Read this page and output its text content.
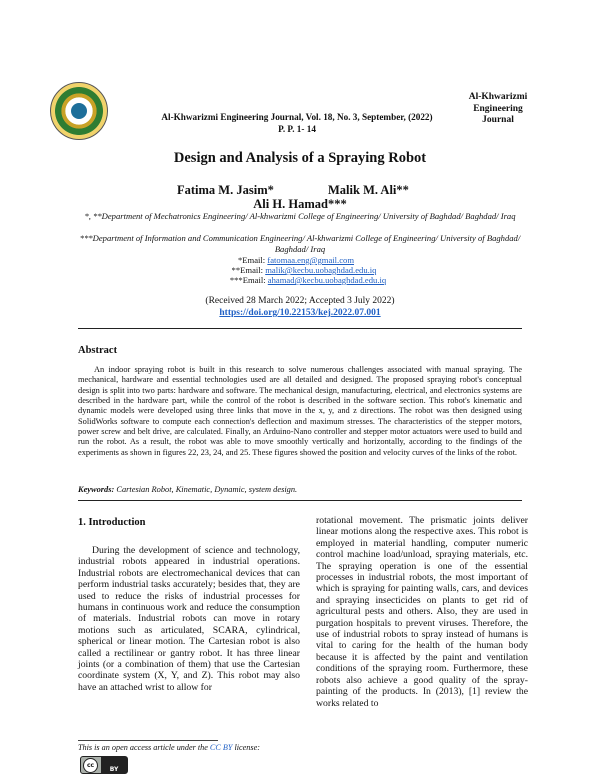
Al-Khwarizmi Engineering Journal, Vol. 18, No. 3, September, (2022)
P. P. 1- 14
Al-Khwarizmi
Engineering
Journal
Design and Analysis of a Spraying Robot
Fatima M. Jasim*	Malik M. Ali**
Ali H. Hamad***
*, **Department of Mechatronics Engineering/ Al-khwarizmi College of Engineering/ University of Baghdad/ Baghdad/ Iraq
***Department of Information and Communication Engineering/ Al-khwarizmi College of Engineering/ University of Baghdad/ Baghdad/ Iraq
*Email: fatomaa.eng@gmail.com
**Email: malik@kecbu.uobaghdad.edu.iq
***Email: ahamad@kecbu.uobaghdad.edu.iq
(Received 28 March 2022; Accepted 3 July 2022)
https://doi.org/10.22153/kej.2022.07.001
Abstract
An indoor spraying robot is built in this research to solve numerous challenges associated with manual spraying. The mechanical, hardware and essential technologies used are all detailed and designed. The proposed spraying robot's conceptual design is split into two parts: hardware and software. The mechanical design, manufacturing, electrical, and electronics systems are described in the hardware part, while the control of the robot is described in the software section. This robot's kinematic and dynamic models were developed using three links that move in the x, y, and z directions. The robot was then designed using SolidWorks software to compute each connection's deflection and maximum stresses. The characteristics of the stepper motors, power screw and belt drive, are calculated. Finally, an Arduino-Nano controller and stepper motor actuators were used to build and run the robot. As a result, the robot was able to move smoothly vertically and horizontally, according to the findings of the experiments as shown in figures 22, 23, 24, and 25. These figures showed the position and velocity curves of the links of the robot.
Keywords: Cartesian Robot, Kinematic, Dynamic, system design.
1. Introduction
During the development of science and technology, industrial robots appeared in industrial operations. Industrial robots are electromechanical devices that can perform industrial tasks accurately; besides that, they are used to reduce the risks of industrial processes for humans in continuous work and reduce the consumption of materials. Industrial robots can move in rotary motions such as articulated, SCARA, cylindrical, spherical or linear motion. The Cartesian robot is also called a rectilinear or gantry robot. It has three linear joints (or a combination of them) that use the Cartesian coordinate system (X, Y, and Z). This robot may also have an attached wrist to allow for
rotational movement. The prismatic joints deliver linear motions along the respective axes. This robot is employed in material handling, computer numeric control machine load/unload, spraying materials, etc. The spraying operation is one of the essential processes in industrial robots, the most important of which is spraying for painting walls, cars, and devices and spraying insecticides on plants to get rid of agricultural pests and others. Also, they are used in purgation hospitals to prevent viruses. Therefore, the use of industrial robots to spray instead of humans is vital to caring for the health of the human body because it is affected by the paint and ventilation conditions of the spraying room. Furthermore, these robots also achieve a good quality of the spray-painting of the products. In (2013), [1] review the works related to
This is an open access article under the CC BY license:
cc
BY
